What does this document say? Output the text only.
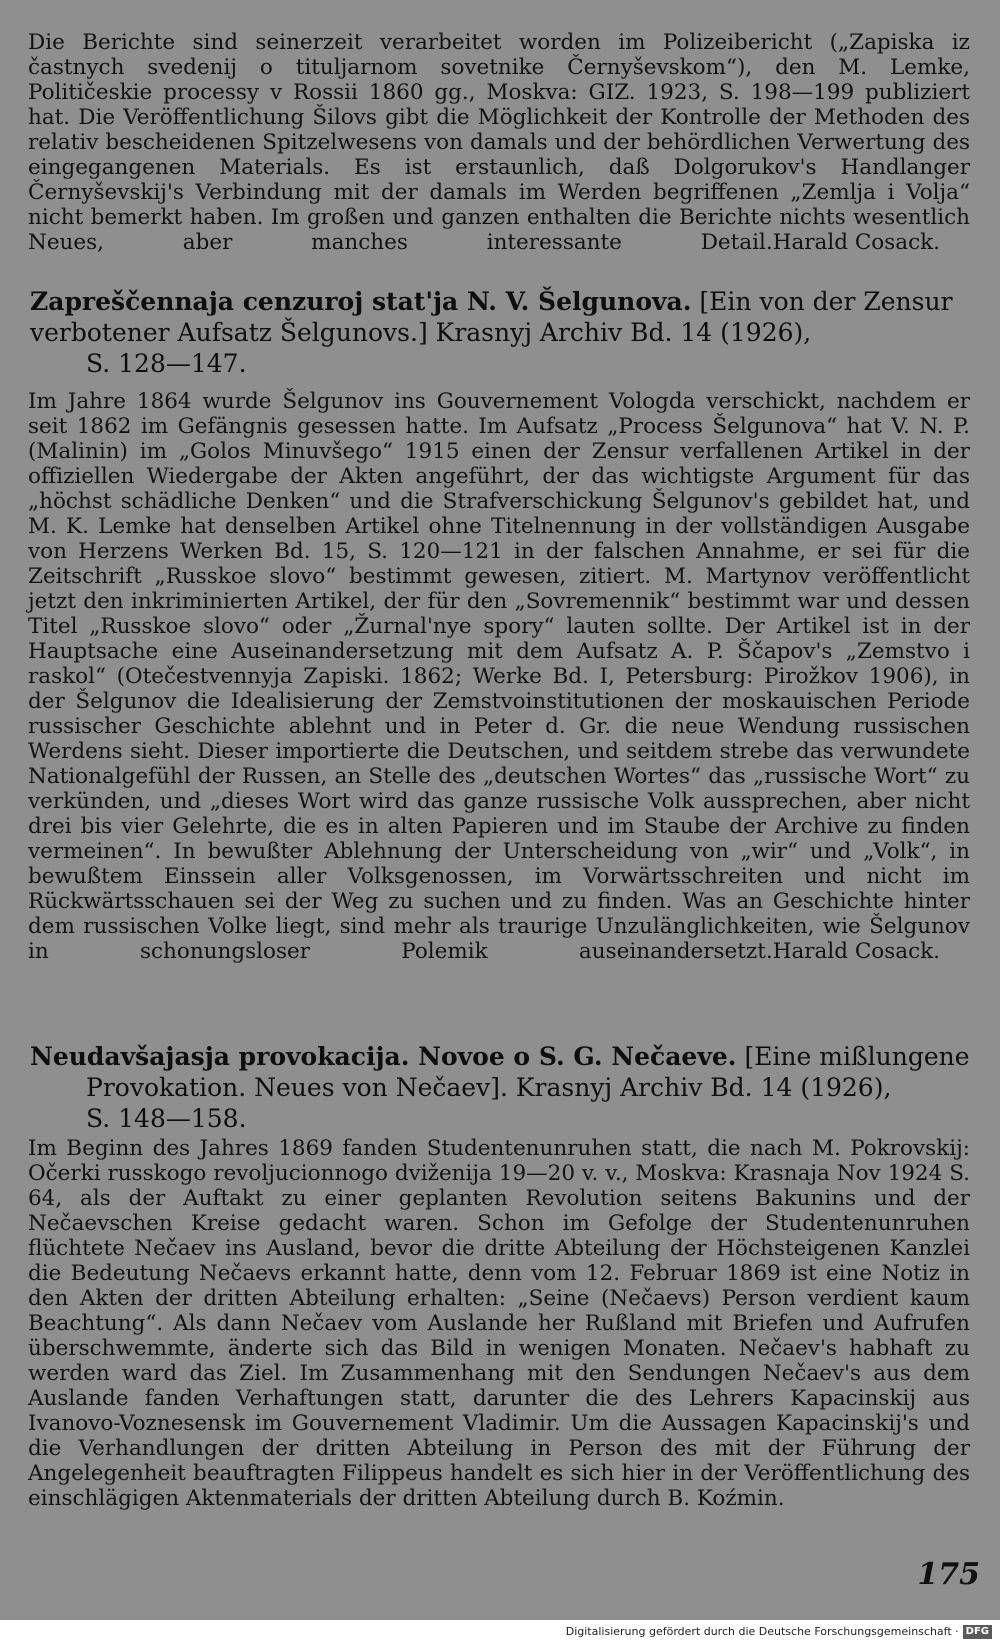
Die Berichte sind seinerzeit verarbeitet worden im Polizeibericht („Zapiska iz častnych svedenij o tituljarnom sovetnike Černyševskom“), den M. Lemke, Političeskie processy v Rossii 1860 gg., Moskva: GIZ. 1923, S. 198—199 publiziert hat. Die Veröffentlichung Šilovs gibt die Möglichkeit der Kontrolle der Methoden des relativ bescheidenen Spitzelwesens von damals und der behördlichen Verwertung des eingegangenen Materials. Es ist erstaunlich, daß Dolgorukov's Handlanger Černyševskij's Verbindung mit der damals im Werden begriffenen „Zemlja i Volja“ nicht bemerkt haben. Im großen und ganzen enthalten die Berichte nichts wesentlich Neues, aber manches interessante Detail. Harald Cosack.
Zapreščennaja cenzuroj stat'ja N. V. Šelgunova. [Ein von der Zensur verbotener Aufsatz Šelgunovs.] Krasnyj Archiv Bd. 14 (1926),
S. 128—147.
Im Jahre 1864 wurde Šelgunov ins Gouvernement Vologda verschickt, nachdem er seit 1862 im Gefängnis gesessen hatte. Im Aufsatz „Process Šelgunova“ hat V. N. P. (Malinin) im „Golos Minuvšego“ 1915 einen der Zensur verfallenen Artikel in der offiziellen Wiedergabe der Akten angeführt, der das wichtigste Argument für das „höchst schädliche Denken“ und die Strafverschickung Šelgunov's gebildet hat, und M. K. Lemke hat denselben Artikel ohne Titelnennung in der vollständigen Ausgabe von Herzens Werken Bd. 15, S. 120—121 in der falschen Annahme, er sei für die Zeitschrift „Russkoe slovo“ bestimmt gewesen, zitiert. M. Martynov veröffentlicht jetzt den inkriminierten Artikel, der für den „Sovremennik“ bestimmt war und dessen Titel „Russkoe slovo“ oder „Žurnal'nye spory“ lauten sollte. Der Artikel ist in der Hauptsache eine Auseinandersetzung mit dem Aufsatz A. P. Ščapov's „Zemstvo i raskol“ (Otečestvennyja Zapiski. 1862; Werke Bd. I, Petersburg: Pirožkov 1906), in der Šelgunov die Idealisierung der Zemstvoinstitutionen der moskauischen Periode russischer Geschichte ablehnt und in Peter d. Gr. die neue Wendung russischen Werdens sieht. Dieser importierte die Deutschen, und seitdem strebe das verwundete Nationalgefühl der Russen, an Stelle des „deutschen Wortes“ das „russische Wort“ zu verkünden, und „dieses Wort wird das ganze russische Volk aussprechen, aber nicht drei bis vier Gelehrte, die es in alten Papieren und im Staube der Archive zu finden vermeinen“. In bewußter Ablehnung der Unterscheidung von „wir“ und „Volk“, in bewußtem Einssein aller Volksgenossen, im Vorwärtsschreiten und nicht im Rückwärtsschauen sei der Weg zu suchen und zu finden. Was an Geschichte hinter dem russischen Volke liegt, sind mehr als traurige Unzulänglichkeiten, wie Šelgunov in schonungsloser Polemik auseinandersetzt. Harald Cosack.
Neudavšajasja provokacija. Novoe o S. G. Nečaeve. [Eine mißlungene
Provokation. Neues von Nečaev]. Krasnyj Archiv Bd. 14 (1926),
S. 148—158.
Im Beginn des Jahres 1869 fanden Studentenunruhen statt, die nach M. Pokrovskij: Očerki russkogo revoljucionnogo dviženija 19—20 v. v., Moskva: Krasnaja Nov 1924 S. 64, als der Auftakt zu einer geplanten Revolution seitens Bakunins und der Nečaevschen Kreise gedacht waren. Schon im Gefolge der Studentenunruhen flüchtete Nečaev ins Ausland, bevor die dritte Abteilung der Höchsteigenen Kanzlei die Bedeutung Nečaevs erkannt hatte, denn vom 12. Februar 1869 ist eine Notiz in den Akten der dritten Abteilung erhalten: „Seine (Nečaevs) Person verdient kaum Beachtung“. Als dann Nečaev vom Auslande her Rußland mit Briefen und Aufrufen überschwemmte, änderte sich das Bild in wenigen Monaten. Nečaev's habhaft zu werden ward das Ziel. Im Zusammenhang mit den Sendungen Nečaev's aus dem Auslande fanden Verhaftungen statt, darunter die des Lehrers Kapacinskij aus Ivanovo-Voznesensk im Gouvernement Vladimir. Um die Aussagen Kapacinskij's und die Verhandlungen der dritten Abteilung in Person des mit der Führung der Angelegenheit beauftragten Filippeus handelt es sich hier in der Veröffentlichung des einschlägigen Aktenmaterials der dritten Abteilung durch B. Koźmin.
175
Digitalisierung gefördert durch die Deutsche Forschungsgemeinschaft · DFG
